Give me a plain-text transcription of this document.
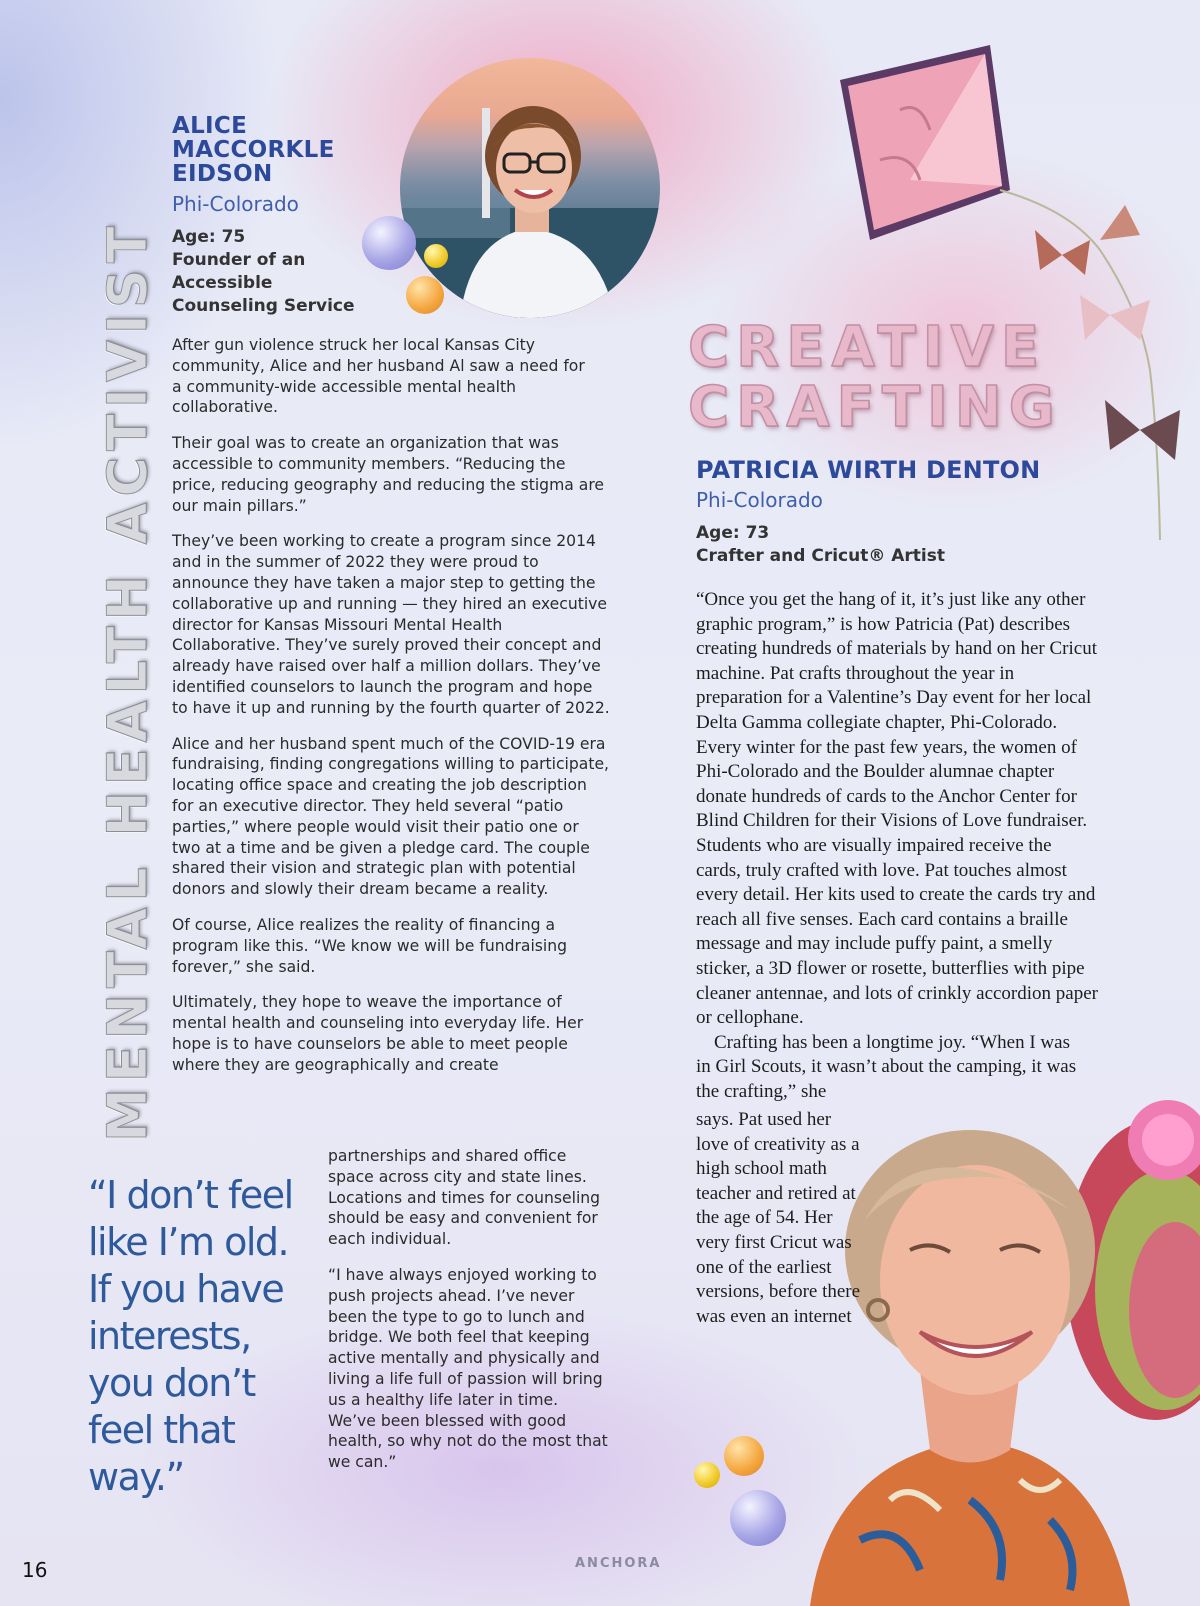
CREATIVE
CRAFTING
MENTAL HEALTH ACTIVIST
ALICE MACCORKLE EIDSON
Phi-Colorado
Age: 75
Founder of an Accessible Counseling Service

After gun violence struck her local Kansas City community, Alice and her husband Al saw a need for a community-wide accessible mental health collaborative.

Their goal was to create an organization that was accessible to community members. “Reducing the price, reducing geography and reducing the stigma are our main pillars.”

They’ve been working to create a program since 2014 and in the summer of 2022 they were proud to announce they have taken a major step to getting the collaborative up and running — they hired an executive director for Kansas Missouri Mental Health Collaborative. They’ve surely proved their concept and already have raised over half a million dollars. They’ve identified counselors to launch the program and hope to have it up and running by the fourth quarter of 2022.

Alice and her husband spent much of the COVID-19 era fundraising, finding congregations willing to participate, locating office space and creating the job description for an executive director. They held several “patio parties,” where people would visit their patio one or two at a time and be given a pledge card. The couple shared their vision and strategic plan with potential donors and slowly their dream became a reality.

Of course, Alice realizes the reality of financing a program like this. “We know we will be fundraising forever,” she said.

Ultimately, they hope to weave the importance of mental health and counseling into everyday life. Her hope is to have counselors be able to meet people where they are geographically and create

partnerships and shared office space across city and state lines. Locations and times for counseling should be easy and convenient for each individual.

“I have always enjoyed working to push projects ahead. I’ve never been the type to go to lunch and bridge. We both feel that keeping active mentally and physically and living a life full of passion will bring us a healthy life later in time. We’ve been blessed with good health, so why not do the most that we can.”

“I don’t feel like I’m old. If you have interests, you don’t feel that way.”
PATRICIA WIRTH DENTON
Phi-Colorado
Age: 73
Crafter and Cricut® Artist

“Once you get the hang of it, it’s just like any other graphic program,” is how Patricia (Pat) describes creating hundreds of materials by hand on her Cricut machine. Pat crafts throughout the year in preparation for a Valentine’s Day event for her local Delta Gamma collegiate chapter, Phi-Colorado. Every winter for the past few years, the women of Phi-Colorado and the Boulder alumnae chapter donate hundreds of cards to the Anchor Center for Blind Children for their Visions of Love fundraiser. Students who are visually impaired receive the cards, truly crafted with love. Pat touches almost every detail. Her kits used to create the cards try and reach all five senses. Each card contains a braille message and may include puffy paint, a smelly sticker, a 3D flower or rosette, butterflies with pipe cleaner antennae, and lots of crinkly accordion paper or cellophane.

Crafting has been a longtime joy. “When I was in Girl Scouts, it wasn’t about the camping, it was the crafting,” she

says. Pat used her love of creativity as a high school math teacher and retired at the age of 54. Her very first Cricut was one of the earliest versions, before there was even an internet

16	ANCHORA
